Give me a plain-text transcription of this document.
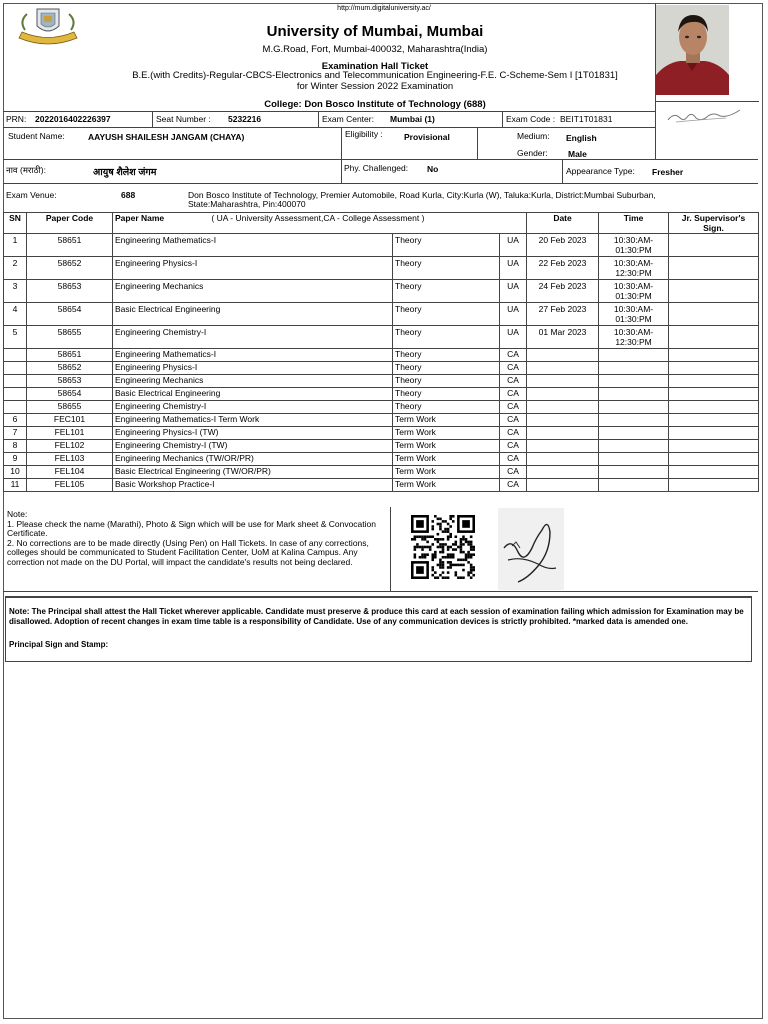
http://mum.digitaluniversity.ac/
University of Mumbai, Mumbai
M.G.Road, Fort, Mumbai-400032, Maharashtra(India)
Examination Hall Ticket
B.E.(with Credits)-Regular-CBCS-Electronics and Telecommunication Engineering-F.E. C-Scheme-Sem I [1T01831]
for Winter Session 2022 Examination
College: Don Bosco Institute of Technology (688)
PRN: 2022016402226397	Seat Number : 5232216	Exam Center: Mumbai (1)	Exam Code : BEIT1T01831
Student Name:	AAYUSH SHAILESH JANGAM (CHAYA)	Eligibility : Provisional	Medium: English
Gender: Male
नाव (मराठी):	आयुष शैलेश जंगम	Phy. Challenged: No	Appearance Type: Fresher
Exam Venue:	688	Don Bosco Institute of Technology, Premier Automobile, Road Kurla, City:Kurla (W), Taluka:Kurla, District:Mumbai Suburban,
State:Maharashtra, Pin:400070
SN	Paper Code	Paper Name ( UA - University Assessment,CA - College Assessment )			Date	Time	Jr. Supervisor's Sign.
1	58651	Engineering Mathematics-I	Theory	UA	20 Feb 2023	10:30:AM-
01:30:PM	

2	58652	Engineering Physics-I	Theory	UA	22 Feb 2023	10:30:AM-
12:30:PM	

3	58653	Engineering Mechanics	Theory	UA	24 Feb 2023	10:30:AM-
01:30:PM	

4	58654	Basic Electrical Engineering	Theory	UA	27 Feb 2023	10:30:AM-
01:30:PM	

5	58655	Engineering Chemistry-I	Theory	UA	01 Mar 2023	10:30:AM-
12:30:PM	

	58651	Engineering Mathematics-I	Theory	CA		

	58652	Engineering Physics-I	Theory	CA		

	58653	Engineering Mechanics	Theory	CA		

	58654	Basic Electrical Engineering	Theory	CA		

	58655	Engineering Chemistry-I	Theory	CA		

6	FEC101	Engineering Mathematics-I Term Work	Term Work	CA		

7	FEL101	Engineering Physics-I (TW)	Term Work	CA		

8	FEL102	Engineering Chemistry-I (TW)	Term Work	CA		

9	FEL103	Engineering Mechanics (TW/OR/PR)	Term Work	CA		

10	FEL104	Basic Electrical Engineering (TW/OR/PR)	Term Work	CA		

11	FEL105	Basic Workshop Practice-I	Term Work	CA		

Note:
1. Please check the name (Marathi), Photo & Sign which will be use for Mark sheet & Convocation Certificate.
2. No corrections are to be made directly (Using Pen) on Hall Tickets. In case of any corrections, colleges should be communicated to Student Facilitation Center, UoM at Kalina Campus. Any correction not made on the DU Portal, will impact the candidate's results not being declared.
Note: The Principal shall attest the Hall Ticket wherever applicable. Candidate must preserve & produce this card at each session of examination failing which admission for Examination may be disallowed. Adoption of recent changes in exam time table is a responsibility of Candidate. Use of any communication devices is strictly prohibited. *marked data is amended one.
Principal Sign and Stamp:
